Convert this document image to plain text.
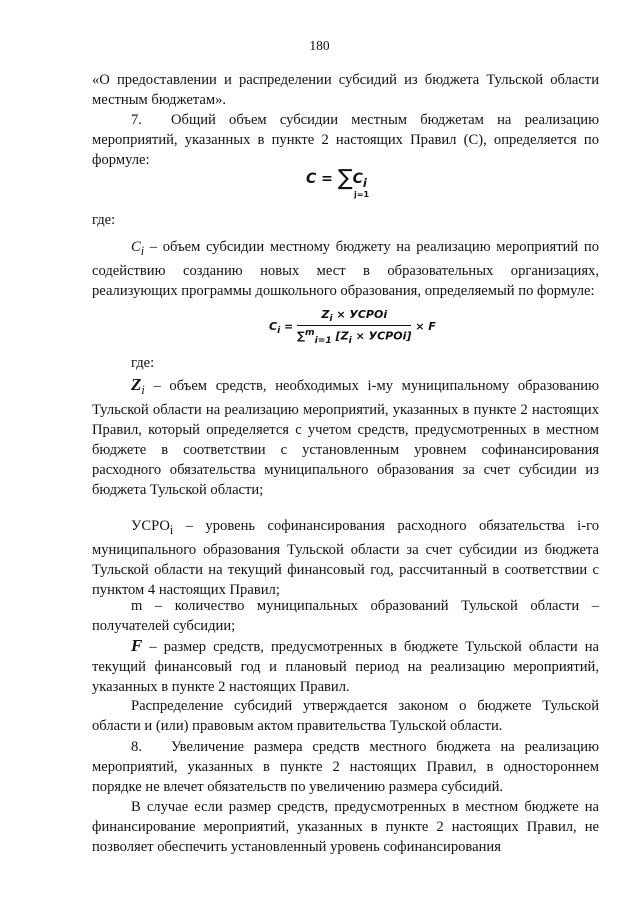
180

«О предоставлении и распределении субсидий из бюджета Тульской области местным бюджетам».

7. Общий объем субсидии местным бюджетам на реализацию мероприятий, указанных в пункте 2 настоящих Правил (С), определяется по формуле:

$C = \sum C_i$
j=1
где:

$C_i$ – объем субсидии местному бюджету на реализацию мероприятий по содействию созданию новых мест в образовательных организациях, реализующих программы дошкольного образования, определяемый по формуле:

$C_i = \frac{Z_i \times УСРОi}{\sum^m_{i=1} [Z_i \times УСРОi]} \times F$
где:

$Z_i$ – объем средств, необходимых i-му муниципальному образованию Тульской области на реализацию мероприятий, указанных в пункте 2 настоящих Правил, который определяется с учетом средств, предусмотренных в местном бюджете в соответствии с установленным уровнем софинансирования расходного обязательства муниципального образования за счет субсидии из бюджета Тульской области;

$УСРО_i$ – уровень софинансирования расходного обязательства i-го муниципального образования Тульской области за счет субсидии из бюджета Тульской области на текущий финансовый год, рассчитанный в соответствии с пунктом 4 настоящих Правил;

m – количество муниципальных образований Тульской области – получателей субсидии;

F – размер средств, предусмотренных в бюджете Тульской области на текущий финансовый год и плановый период на реализацию мероприятий, указанных в пункте 2 настоящих Правил.

Распределение субсидий утверждается законом о бюджете Тульской области и (или) правовым актом правительства Тульской области.

8. Увеличение размера средств местного бюджета на реализацию мероприятий, указанных в пункте 2 настоящих Правил, в одностороннем порядке не влечет обязательств по увеличению размера субсидий.

В случае если размер средств, предусмотренных в местном бюджете на финансирование мероприятий, указанных в пункте 2 настоящих Правил, не позволяет обеспечить установленный уровень софинансирования
